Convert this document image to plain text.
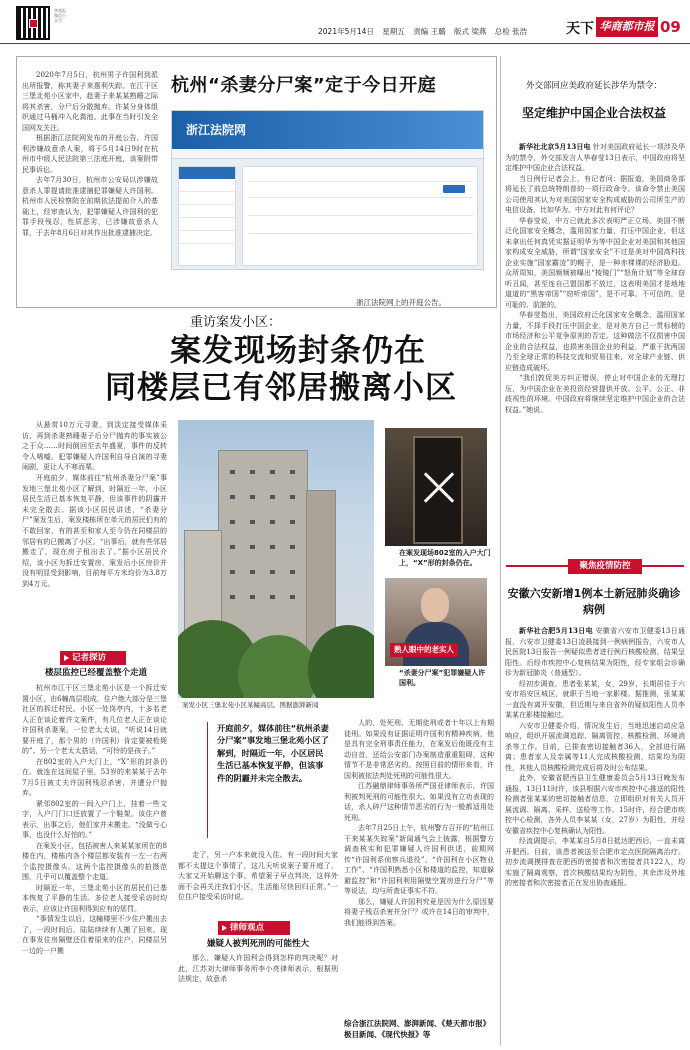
华商报微信公众号
2021年5月14日 星期五 责编 王璐 版式 梁燕 总检 张浩	天下 华商都市报 09

2020年7月5日，杭州男子许国利到派出所报警，称其妻子来惠利失踪。在江干区三堡北苑小区家中，趁妻子来某某熟睡之际将其杀害，分尸后分散抛弃。许某分身体组织通过马桶冲入化粪池。此事在当时引发全国网友关注。

根据浙江法院网发布的开庭公告，许国利涉嫌故意杀人案，将于5月14日9时在杭州市中级人民法院第三法庭开庭，该案附带民事诉讼。

去年7月30日，杭州市公安局以涉嫌故意杀人罪提请批准逮捕犯罪嫌疑人许国利。杭州市人民检察院在前期依法提前介入的基础上，经审查认为，犯罪嫌疑人许国利的犯罪手段残忍，性质恶劣，已涉嫌故意杀人罪，于去年8月6日对其作出批准逮捕决定。

杭州“杀妻分尸案”定于今日开庭
浙江法院网
浙江法院网上的开庭公告。
外交部回应美政府延长涉华为禁令：
坚定维护中国企业合法权益

新华社北京5月13日电 针对美国政府延长一项涉及华为的禁令，外交部发言人华春莹13日表示，中国政府将坚定维护中国企业合法权益。

当日例行记者会上，有记者问：据报道，美国商务部将延长了前总统特朗普的一项行政命令。该命令禁止美国公司使用其认为对美国国家安全构成威胁的公司所生产的电信设备，比如华为。中方对此有何评论？

华春莹说，中方已就此多次表明严正立场。美国不断泛化国家安全概念，滥用国家力量，打压中国企业，但这未拿出任何真凭实据证明华为等中国企业对美国和其他国家构成安全威胁，所谓“国家安全”不过是美对中国高科技企业实施“国家霸凌”的幌子，是一种赤裸裸的经济胁迫。众所周知，美国频频被曝出“棱镜门”“怒角计划”等全球窃听丑闻，甚至连自己盟国都不放过，这表明美国才是地地道道的“黑客帝国”“窃听帝国”，是不可靠、不可信的，是可耻的、肮脏的。

华春莹指出，美国政府泛化国家安全概念，滥用国家力量，不择手段打压中国企业，是对美方自己一贯标榜的市场经济和公平竞争原则的否定。这种做法不仅损害中国企业的合法权益，也损害美国企业的利益，严重干扰两国乃至全球正常的科技交流和贸易往来，对全球产业链、供应链造成破坏。

“我们敦促美方纠正错误，停止对中国企业的无理打压，为中国企业在美投资经营提供开放、公平、公正、非歧视性的环境。中国政府将继续坚定维护中国企业的合法权益。”她说。

聚焦疫情防控
安徽六安新增1例本土新冠肺炎确诊病例

新华社合肥5月13日电 安徽省六安市卫健委13日通报，六安市卫健委13日凌晨接到一例病例报告，六安市人民医院13日报告一例疑似患者进行例行核酸检测，结果呈阳性。后经市疾控中心复核结果为阳性，经专家组会诊确诊为新冠肺炎（普通型）。

经初步调查，患者张某某，女，29岁，长期居住于六安市裕安区城区，就职于当地一家影楼。据推测，张某某一直没有离开安徽，但近期与来自省外的疑似阳性人员李某某在影楼接触过。

六安市卫健委介绍，情况发生后，当地迅速启动应急响应，组织开展流调追踪、隔离管控、核酸检测、环境消杀等工作。目前，已排查密切接触者36人，全部进行隔离；患者家人及亲属等11人完成核酸检测，结果均为阴性，其他人员核酸检测完成后将及时公布结果。

此外，安徽省肥西县卫生健康委员会5月13日晚发布通报，13日11时许，该县根据六安市疾控中心推送的阳性检测者张某某的密切接触者信息，立即组织对有关人员开展流调、隔离、采样、送检等工作。15时许，经合肥市疾控中心检测，各外人员李某某（女，27岁）为阳性，并经安徽省疾控中心复核确认为阳性。

经流调提示，李某某自5月8日抵达肥西后，一直未离开肥西。目前，该患者被送至合肥市定点医院隔离治疗。初步流调摸排查在肥西的密接者和次密接者共122人，均实施了隔离观察，首次核酸结果均为阴性，其余涉及外地的密接者和次密接者正在发出协查通报。

重访案发小区：
案发现场封条仍在
同楼层已有邻居搬离小区

从悬赏10万元寻妻，到淡定接受媒体采访，再到杀妻熟睡妻子后分尸抛弃的事实被公之于众……时间倒回至去年盛夏，事件的反转令人唏嘘。犯罪嫌疑人许国利自导自演的寻妻闹剧，更让人不寒而栗。

开庭前夕，媒体前往“杭州杀妻分尸案”事发地三堡北苑小区了解到，时隔近一年，小区居民生活已基本恢复平静，但该事件的阴霾并未完全散去。据该小区居民讲述，“杀妻分尸”案发生后，案发楼栋所在单元的居民们有的不敢回家，有的甚至和家人至今仍在同楼层的邻居有的已搬离了小区。“出事后，就有些邻居搬走了，现在房子租出去了。”据小区居民介绍，该小区为拆迁安置房，案发后小区房价并没有明显受到影响，目前每平方米均价为3.8万到4万元。

案发小区三堡北苑小区某幢高层。图据澎湃新闻
在案发现场802室的入户大门上，“X”形的封条仍在。
熟人眼中的老实人
“杀妻分尸案”犯罪嫌疑人许国利。
记者探访
楼层监控已经覆盖整个走道

杭州市江干区三堡北苑小区是一个拆迁安置小区，由6幢高层组成，住户绝大部分是三堡社区的拆迁村民。小区一处岗亭内，十多名老人正在谈论着许文案件，有几位老人正在谈论许国利杀妻案。一位老太太说，“听说14日就要开庭了，那个男的（许国利）肯定要被枪毙的”。另一个老太太搭话，“可怜的是孩子。”

在802室的入户大门上，“X”形的封条仍在。就连在这间屋子里，53岁的来某某于去年7月5日被丈夫许国利残忍杀害，并遭分尸抛弃。

紧邻802室的一间入户门上，挂着一些文字，入户门门口还放置了一个鞋架。该住户曾表示，出事之后，他们家并未搬走。“没做亏心事，也没什么好怕的。”

在案发小区，包括被害人来某某家所在的8楼在内，楼栋内各个楼层都安装有一左一右两个监控摄像头。这两个监控摄像头的拍摄范围，几乎可以覆盖整个走道。

时隔近一年，三堡北苑小区的居民们已基本恢复了平静的生活。多位老人接受采访时均表示，应该让许国利得到应有的惩罚。

“事情发生以后，这幢楼里不少住户搬出去了，一段时间后，陆陆续续有人搬了回来。现在事发住房隔壁还住着原来的住户，同楼层另一边的一户搬

开庭前夕，媒体前往“杭州杀妻分尸案”事发地三堡北苑小区了解到，时隔近一年，小区居民生活已基本恢复平静，但该事件的阴霾并未完全散去。

走了，另一户本来就没入住。有一段时间大家都不太提这个事情了，这几天听说案子要开庭了，大家又开始聊这个事。希望案子早点判决，这样外面不会再关注我们小区，生活能尽快回归正常。”一位住户接受采访时说。

律师观点
嫌疑人被判死刑的可能性大

那么，嫌疑人许国利会得到怎样的判决呢？对此，江苏刘大律师事务所李小亮律师表示，根据刑法规定，故意杀

人的，处死刑、无期徒刑或者十年以上有期徒刑。如果没有证据证明许国利有精神疾病，他是具有完全刑事责任能力，在案发后他既没有主动自首，还给公安部门办案制造重重阻碍，这种情节不是非常恶劣的。按照目前的情形来看，许国利被依法判处死刑的可能性很大。

江苏融鼎律师事务所严国亚律师表示，许国利被判死刑的可能性很大。如果没有立功表现的话，杀人碎尸这种情节恶劣的行为一般都适用处死刑。

去年7月25日上午，杭州警方召开的“杭州江干来某某失踪案”新闻通气会上披露，根据警方调查核实和犯罪嫌疑人许国利供述，前期网传“许国利系侦察兵退役”、“许国利在小区物业工作”、“许国利熟悉小区和楼道的监控，知道躲避监控”和“许国利利用隔壁空置房进行分尸”等等说法，均与所查证事实不符。

那么，嫌疑人许国利究竟是因为什么原因要将妻子残忍杀害并分尸？或许在14日的审判中，我们能得到答案。

综合浙江法院网、澎湃新闻、《楚天都市报》极目新闻、《现代快报》等
